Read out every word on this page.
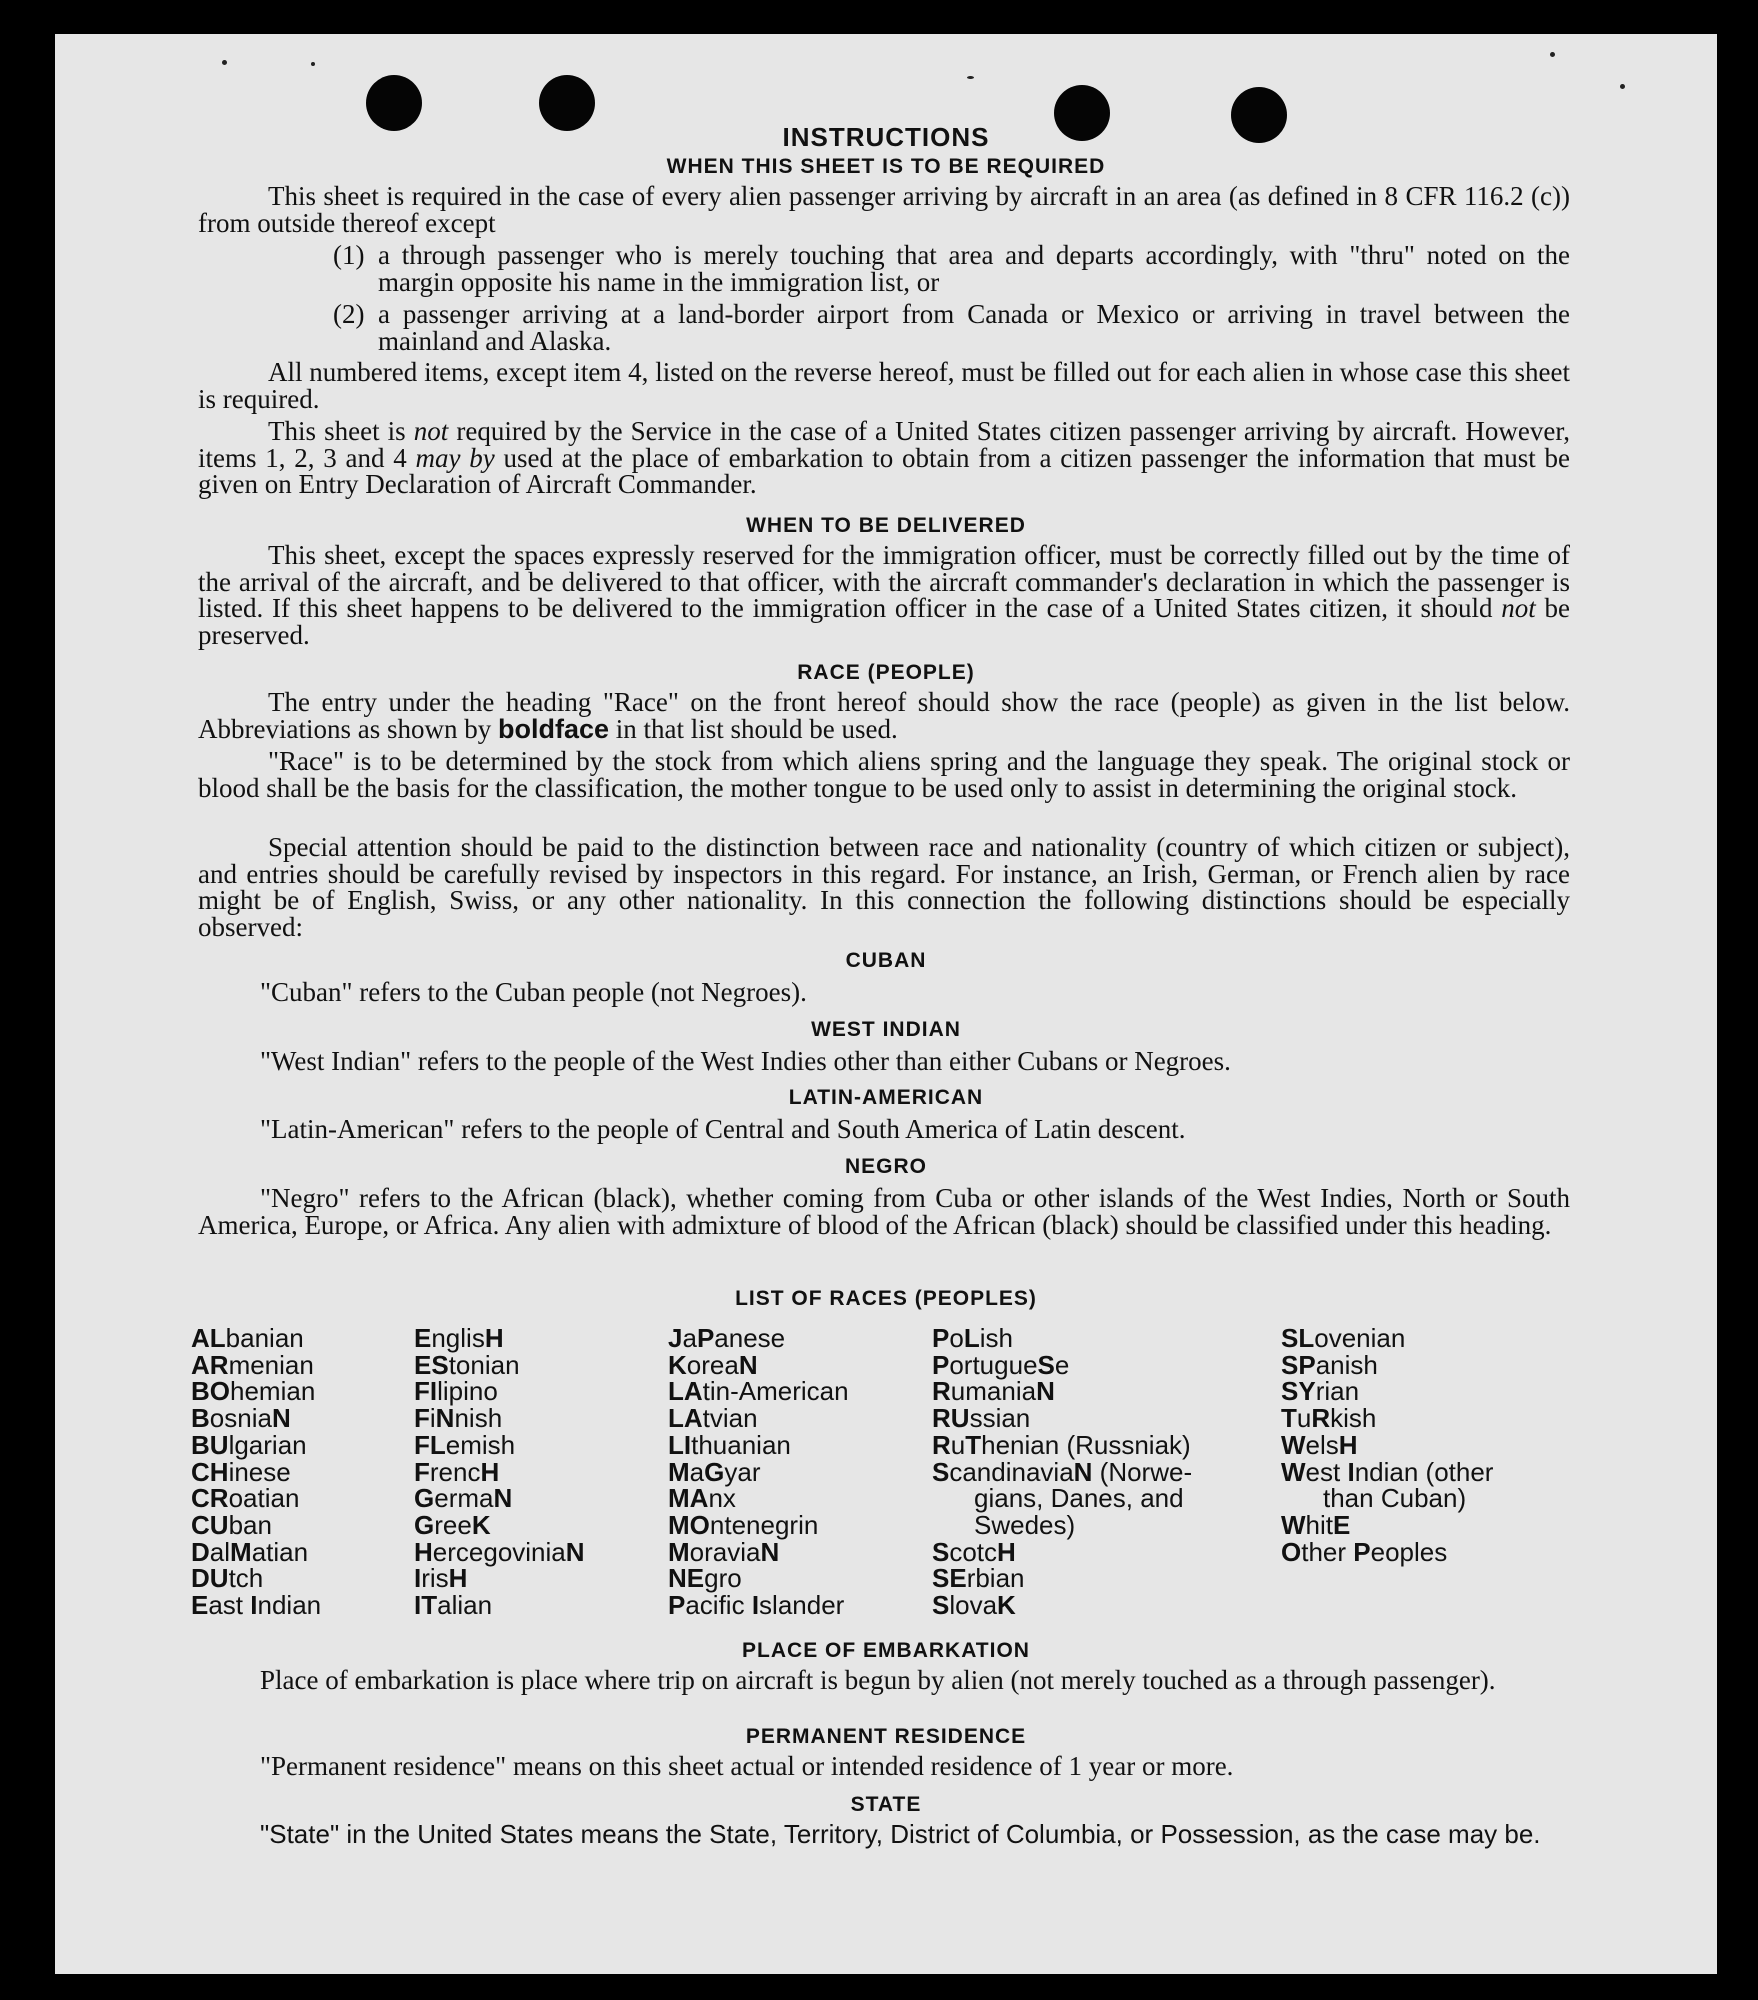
INSTRUCTIONS

WHEN THIS SHEET IS TO BE REQUIRED

This sheet is required in the case of every alien passenger arriving by aircraft in an area (as defined in 8 CFR 116.2 (c)) from outside thereof except

(1) a through passenger who is merely touching that area and departs accordingly, with "thru" noted on the margin opposite his name in the immigration list, or
(2) a passenger arriving at a land-border airport from Canada or Mexico or arriving in travel between the mainland and Alaska.

All numbered items, except item 4, listed on the reverse hereof, must be filled out for each alien in whose case this sheet is required.

This sheet is not required by the Service in the case of a United States citizen passenger arriving by aircraft. However, items 1, 2, 3 and 4 may by used at the place of embarkation to obtain from a citizen passenger the information that must be given on Entry Declaration of Aircraft Commander.

WHEN TO BE DELIVERED

This sheet, except the spaces expressly reserved for the immigration officer, must be correctly filled out by the time of the arrival of the aircraft, and be delivered to that officer, with the aircraft commander's declaration in which the passenger is listed. If this sheet happens to be delivered to the immigration officer in the case of a United States citizen, it should not be preserved.

RACE (PEOPLE)

The entry under the heading "Race" on the front hereof should show the race (people) as given in the list below. Abbreviations as shown by boldface in that list should be used.

"Race" is to be determined by the stock from which aliens spring and the language they speak. The original stock or blood shall be the basis for the classification, the mother tongue to be used only to assist in determining the original stock.

Special attention should be paid to the distinction between race and nationality (country of which citizen or subject), and entries should be carefully revised by inspectors in this regard. For instance, an Irish, German, or French alien by race might be of English, Swiss, or any other nationality. In this connection the following distinctions should be especially observed:

CUBAN

"Cuban" refers to the Cuban people (not Negroes).

WEST INDIAN

"West Indian" refers to the people of the West Indies other than either Cubans or Negroes.

LATIN-AMERICAN

"Latin-American" refers to the people of Central and South America of Latin descent.

NEGRO

"Negro" refers to the African (black), whether coming from Cuba or other islands of the West Indies, North or South America, Europe, or Africa. Any alien with admixture of blood of the African (black) should be classified under this heading.

LIST OF RACES (PEOPLES)

ALbanian
ARmenian
BOhemian
BosniaN
BUlgarian
CHinese
CRoatian
CUban
DalMatian
DUtch
East Indian
EnglisH
EStonian
FIlipino
FiNnish
FLemish
FrencH
GermaN
GreeK
HercegoviniaN
IrisH
ITalian
JaPanese
KoreaN
LAtin-American
LAtvian
LIthuanian
MaGyar
MAnx
MOntenegrin
MoraviaN
NEgro
Pacific Islander
PoLish
PortugueSe
RumaniaN
RUssian
RuThenian (Russniak)
ScandinaviaN (Norwe-
gians, Danes, and
Swedes)
ScotcH
SErbian
SlovaK
SLovenian
SPanish
SYrian
TuRkish
WelsH
West Indian (other
than Cuban)
WhitE
Other Peoples

PLACE OF EMBARKATION

Place of embarkation is place where trip on aircraft is begun by alien (not merely touched as a through passenger).

PERMANENT RESIDENCE

"Permanent residence" means on this sheet actual or intended residence of 1 year or more.

STATE

"State" in the United States means the State, Territory, District of Columbia, or Possession, as the case may be.
